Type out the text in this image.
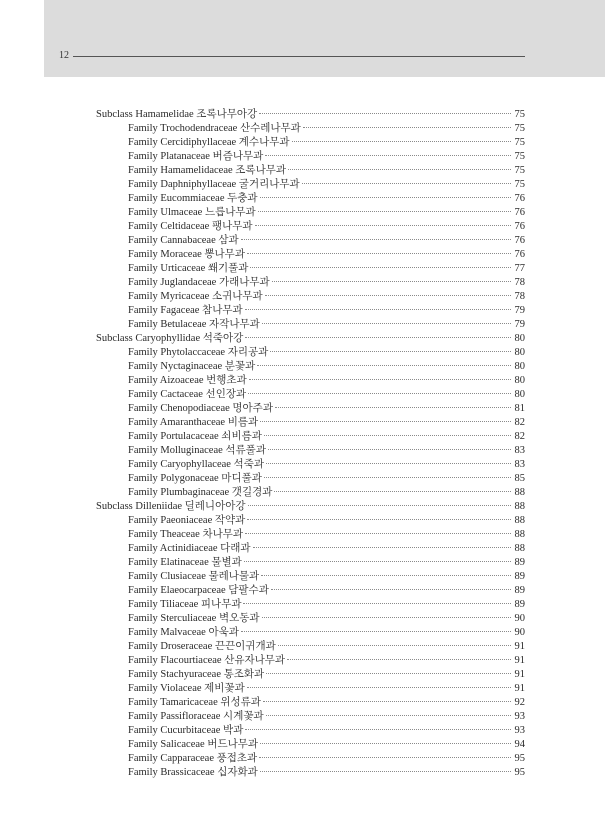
12
Subclass Hamamelidae 조록나무아강	75
Family Trochodendraceae 산수레나무과	75
Family Cercidiphyllaceae 계수나무과	75
Family Platanaceae 버즘나무과	75
Family Hamamelidaceae 조록나무과	75
Family Daphniphyllaceae 굴거리나무과	75
Family Eucommiaceae 두충과	76
Family Ulmaceae 느릅나무과	76
Family Celtidaceae 팽나무과	76
Family Cannabaceae 삼과	76
Family Moraceae 뽕나무과	76
Family Urticaceae 쐐기풀과	77
Family Juglandaceae 가래나무과	78
Family Myricaceae 소귀나무과	78
Family Fagaceae 참나무과	79
Family Betulaceae 자작나무과	79
Subclass Caryophyllidae 석죽아강	80
Family Phytolaccaceae 자리공과	80
Family Nyctaginaceae 분꽃과	80
Family Aizoaceae 번행초과	80
Family Cactaceae 선인장과	80
Family Chenopodiaceae 명아주과	81
Family Amaranthaceae 비름과	82
Family Portulacaceae 쇠비름과	82
Family Molluginaceae 석류풀과	83
Family Caryophyllaceae 석죽과	83
Family Polygonaceae 마디풀과	85
Family Plumbaginaceae 갯길경과	88
Subclass Dilleniidae 딜레니아아강	88
Family Paeoniaceae 작약과	88
Family Theaceae 차나무과	88
Family Actinidiaceae 다래과	88
Family Elatinaceae 물별과	89
Family Clusiaceae 물레나물과	89
Family Elaeocarpaceae 담팔수과	89
Family Tiliaceae 피나무과	89
Family Sterculiaceae 벽오동과	90
Family Malvaceae 아욱과	90
Family Droseraceae 끈끈이귀개과	91
Family Flacourtiaceae 산유자나무과	91
Family Stachyuraceae 통조화과	91
Family Violaceae 제비꽃과	91
Family Tamaricaceae 위성류과	92
Family Passifloraceae 시계꽃과	93
Family Cucurbitaceae 박과	93
Family Salicaceae 버드나무과	94
Family Capparaceae 풍접초과	95
Family Brassicaceae 십자화과	95
